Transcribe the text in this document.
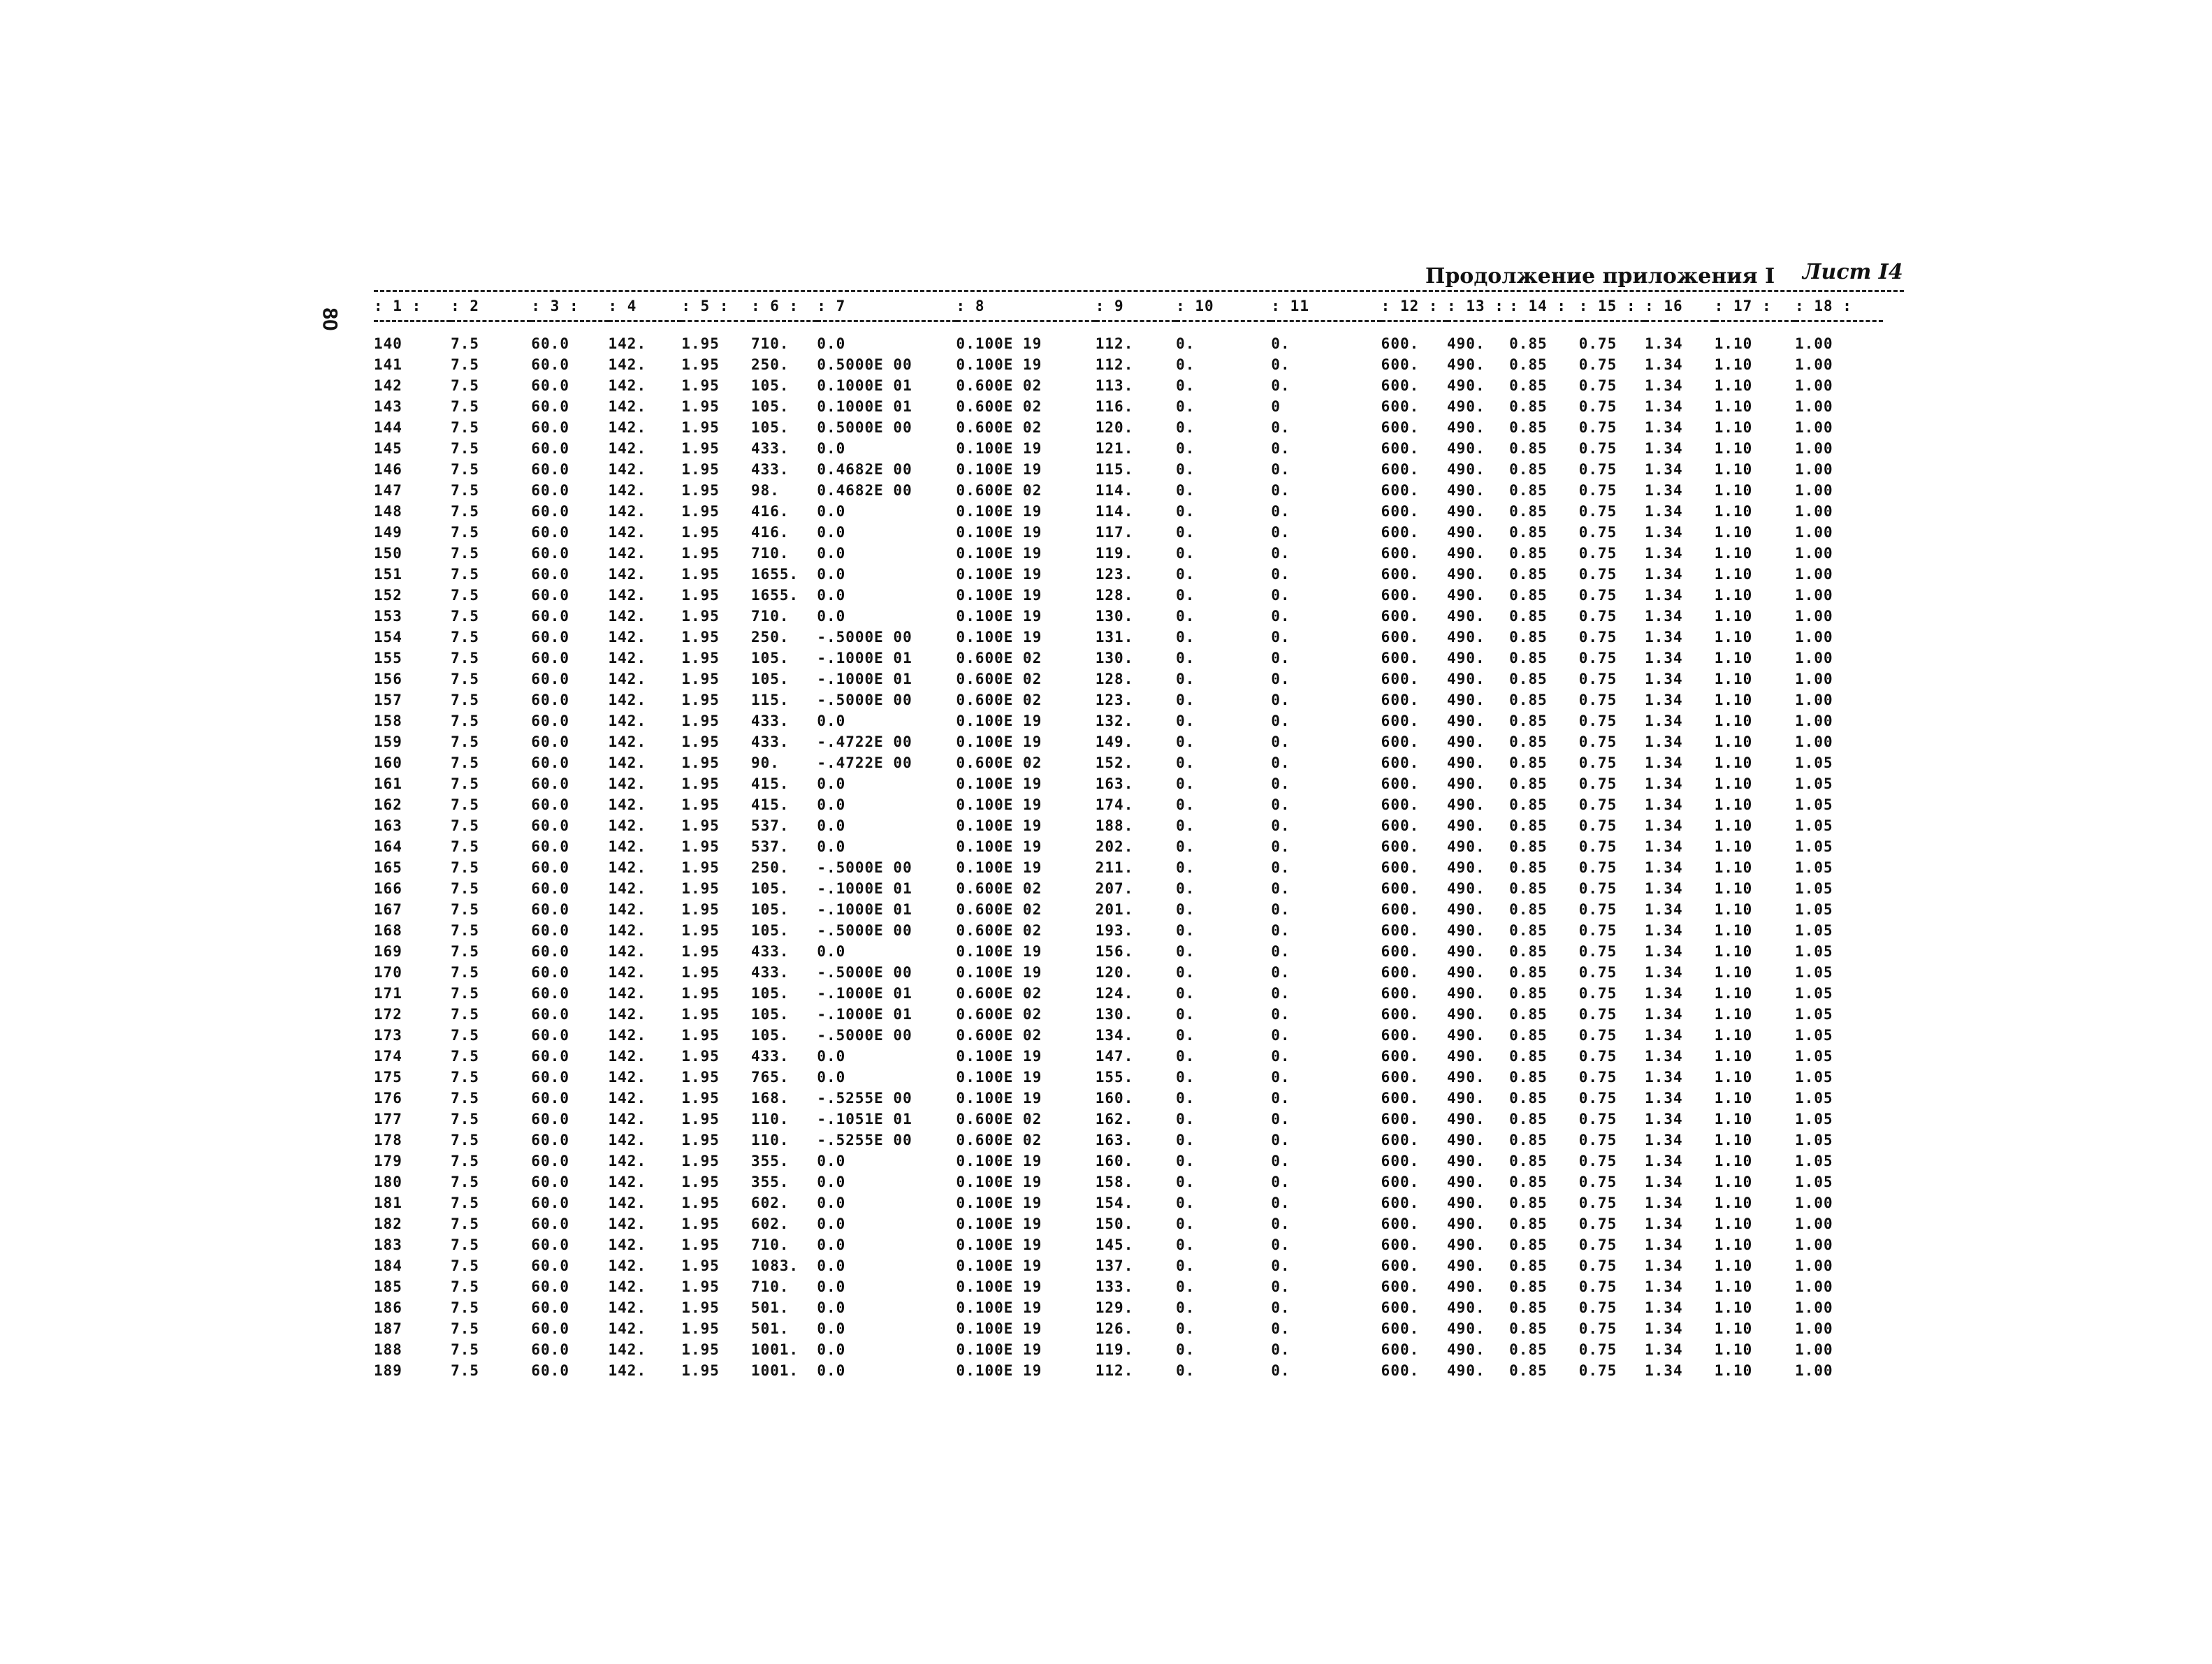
80
Продолжение приложения I Лист I4
: 1 :	: 2	: 3 :	: 4	: 5 :	: 6 :	: 7	: 8	: 9	: 10	: 11	: 12 :	: 13 :	: 14 :	: 15 :	: 16	: 17 :	: 18 :

140	7.5	60.0	142.	1.95	710.	0.0	0.100E 19	112.	0.	0.	600.	490.	0.85	0.75	1.34	1.10	1.00
141	7.5	60.0	142.	1.95	250.	0.5000E 00	0.100E 19	112.	0.	0.	600.	490.	0.85	0.75	1.34	1.10	1.00
142	7.5	60.0	142.	1.95	105.	0.1000E 01	0.600E 02	113.	0.	0.	600.	490.	0.85	0.75	1.34	1.10	1.00
143	7.5	60.0	142.	1.95	105.	0.1000E 01	0.600E 02	116.	0.	0	600.	490.	0.85	0.75	1.34	1.10	1.00
144	7.5	60.0	142.	1.95	105.	0.5000E 00	0.600E 02	120.	0.	0.	600.	490.	0.85	0.75	1.34	1.10	1.00
145	7.5	60.0	142.	1.95	433.	0.0	0.100E 19	121.	0.	0.	600.	490.	0.85	0.75	1.34	1.10	1.00
146	7.5	60.0	142.	1.95	433.	0.4682E 00	0.100E 19	115.	0.	0.	600.	490.	0.85	0.75	1.34	1.10	1.00
147	7.5	60.0	142.	1.95	98.	0.4682E 00	0.600E 02	114.	0.	0.	600.	490.	0.85	0.75	1.34	1.10	1.00
148	7.5	60.0	142.	1.95	416.	0.0	0.100E 19	114.	0.	0.	600.	490.	0.85	0.75	1.34	1.10	1.00
149	7.5	60.0	142.	1.95	416.	0.0	0.100E 19	117.	0.	0.	600.	490.	0.85	0.75	1.34	1.10	1.00
150	7.5	60.0	142.	1.95	710.	0.0	0.100E 19	119.	0.	0.	600.	490.	0.85	0.75	1.34	1.10	1.00
151	7.5	60.0	142.	1.95	1655.	0.0	0.100E 19	123.	0.	0.	600.	490.	0.85	0.75	1.34	1.10	1.00
152	7.5	60.0	142.	1.95	1655.	0.0	0.100E 19	128.	0.	0.	600.	490.	0.85	0.75	1.34	1.10	1.00
153	7.5	60.0	142.	1.95	710.	0.0	0.100E 19	130.	0.	0.	600.	490.	0.85	0.75	1.34	1.10	1.00
154	7.5	60.0	142.	1.95	250.	-.5000E 00	0.100E 19	131.	0.	0.	600.	490.	0.85	0.75	1.34	1.10	1.00
155	7.5	60.0	142.	1.95	105.	-.1000E 01	0.600E 02	130.	0.	0.	600.	490.	0.85	0.75	1.34	1.10	1.00
156	7.5	60.0	142.	1.95	105.	-.1000E 01	0.600E 02	128.	0.	0.	600.	490.	0.85	0.75	1.34	1.10	1.00
157	7.5	60.0	142.	1.95	115.	-.5000E 00	0.600E 02	123.	0.	0.	600.	490.	0.85	0.75	1.34	1.10	1.00
158	7.5	60.0	142.	1.95	433.	0.0	0.100E 19	132.	0.	0.	600.	490.	0.85	0.75	1.34	1.10	1.00
159	7.5	60.0	142.	1.95	433.	-.4722E 00	0.100E 19	149.	0.	0.	600.	490.	0.85	0.75	1.34	1.10	1.00
160	7.5	60.0	142.	1.95	90.	-.4722E 00	0.600E 02	152.	0.	0.	600.	490.	0.85	0.75	1.34	1.10	1.05
161	7.5	60.0	142.	1.95	415.	0.0	0.100E 19	163.	0.	0.	600.	490.	0.85	0.75	1.34	1.10	1.05
162	7.5	60.0	142.	1.95	415.	0.0	0.100E 19	174.	0.	0.	600.	490.	0.85	0.75	1.34	1.10	1.05
163	7.5	60.0	142.	1.95	537.	0.0	0.100E 19	188.	0.	0.	600.	490.	0.85	0.75	1.34	1.10	1.05
164	7.5	60.0	142.	1.95	537.	0.0	0.100E 19	202.	0.	0.	600.	490.	0.85	0.75	1.34	1.10	1.05
165	7.5	60.0	142.	1.95	250.	-.5000E 00	0.100E 19	211.	0.	0.	600.	490.	0.85	0.75	1.34	1.10	1.05
166	7.5	60.0	142.	1.95	105.	-.1000E 01	0.600E 02	207.	0.	0.	600.	490.	0.85	0.75	1.34	1.10	1.05
167	7.5	60.0	142.	1.95	105.	-.1000E 01	0.600E 02	201.	0.	0.	600.	490.	0.85	0.75	1.34	1.10	1.05
168	7.5	60.0	142.	1.95	105.	-.5000E 00	0.600E 02	193.	0.	0.	600.	490.	0.85	0.75	1.34	1.10	1.05
169	7.5	60.0	142.	1.95	433.	0.0	0.100E 19	156.	0.	0.	600.	490.	0.85	0.75	1.34	1.10	1.05
170	7.5	60.0	142.	1.95	433.	-.5000E 00	0.100E 19	120.	0.	0.	600.	490.	0.85	0.75	1.34	1.10	1.05
171	7.5	60.0	142.	1.95	105.	-.1000E 01	0.600E 02	124.	0.	0.	600.	490.	0.85	0.75	1.34	1.10	1.05
172	7.5	60.0	142.	1.95	105.	-.1000E 01	0.600E 02	130.	0.	0.	600.	490.	0.85	0.75	1.34	1.10	1.05
173	7.5	60.0	142.	1.95	105.	-.5000E 00	0.600E 02	134.	0.	0.	600.	490.	0.85	0.75	1.34	1.10	1.05
174	7.5	60.0	142.	1.95	433.	0.0	0.100E 19	147.	0.	0.	600.	490.	0.85	0.75	1.34	1.10	1.05
175	7.5	60.0	142.	1.95	765.	0.0	0.100E 19	155.	0.	0.	600.	490.	0.85	0.75	1.34	1.10	1.05
176	7.5	60.0	142.	1.95	168.	-.5255E 00	0.100E 19	160.	0.	0.	600.	490.	0.85	0.75	1.34	1.10	1.05
177	7.5	60.0	142.	1.95	110.	-.1051E 01	0.600E 02	162.	0.	0.	600.	490.	0.85	0.75	1.34	1.10	1.05
178	7.5	60.0	142.	1.95	110.	-.5255E 00	0.600E 02	163.	0.	0.	600.	490.	0.85	0.75	1.34	1.10	1.05
179	7.5	60.0	142.	1.95	355.	0.0	0.100E 19	160.	0.	0.	600.	490.	0.85	0.75	1.34	1.10	1.05
180	7.5	60.0	142.	1.95	355.	0.0	0.100E 19	158.	0.	0.	600.	490.	0.85	0.75	1.34	1.10	1.05
181	7.5	60.0	142.	1.95	602.	0.0	0.100E 19	154.	0.	0.	600.	490.	0.85	0.75	1.34	1.10	1.00
182	7.5	60.0	142.	1.95	602.	0.0	0.100E 19	150.	0.	0.	600.	490.	0.85	0.75	1.34	1.10	1.00
183	7.5	60.0	142.	1.95	710.	0.0	0.100E 19	145.	0.	0.	600.	490.	0.85	0.75	1.34	1.10	1.00
184	7.5	60.0	142.	1.95	1083.	0.0	0.100E 19	137.	0.	0.	600.	490.	0.85	0.75	1.34	1.10	1.00
185	7.5	60.0	142.	1.95	710.	0.0	0.100E 19	133.	0.	0.	600.	490.	0.85	0.75	1.34	1.10	1.00
186	7.5	60.0	142.	1.95	501.	0.0	0.100E 19	129.	0.	0.	600.	490.	0.85	0.75	1.34	1.10	1.00
187	7.5	60.0	142.	1.95	501.	0.0	0.100E 19	126.	0.	0.	600.	490.	0.85	0.75	1.34	1.10	1.00
188	7.5	60.0	142.	1.95	1001.	0.0	0.100E 19	119.	0.	0.	600.	490.	0.85	0.75	1.34	1.10	1.00
189	7.5	60.0	142.	1.95	1001.	0.0	0.100E 19	112.	0.	0.	600.	490.	0.85	0.75	1.34	1.10	1.00
